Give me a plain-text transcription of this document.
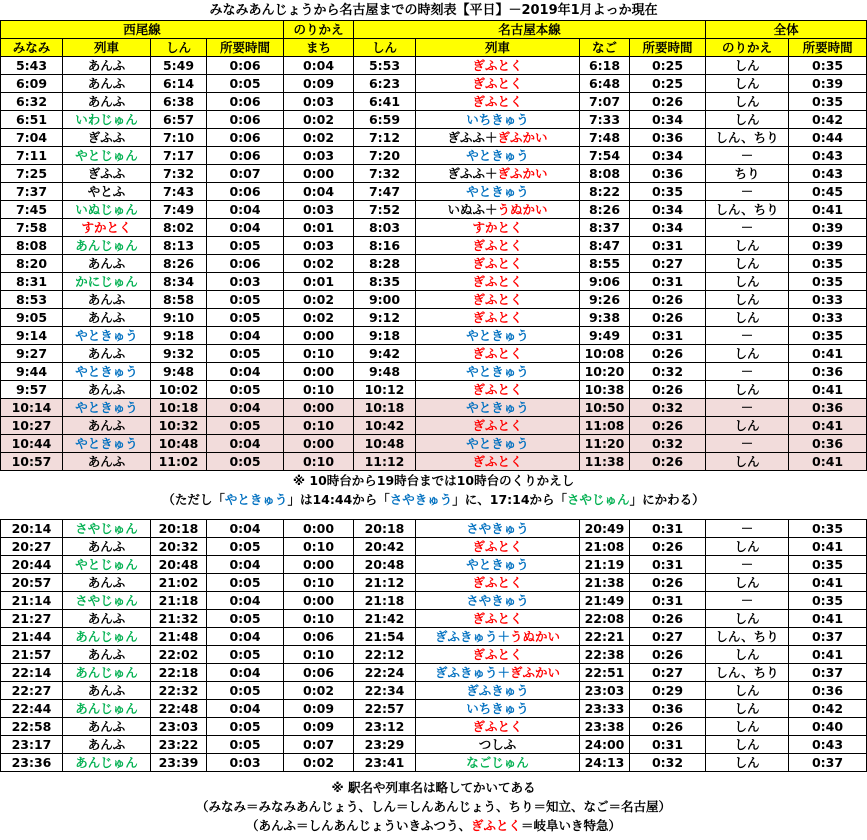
みなみあんじょうから名古屋までの時刻表【平日】－2019年1月よっか現在										
西尾線				のりかえ	名古屋本線				全体	
みなみ	列車	しん	所要時間	まち	しん	列車	なご	所要時間	のりかえ	所要時間
5:43	あんふ	5:49	0:06	0:04	5:53	ぎふとく	6:18	0:25	しん	0:35
6:09	あんふ	6:14	0:05	0:09	6:23	ぎふとく	6:48	0:25	しん	0:39
6:32	あんふ	6:38	0:06	0:03	6:41	ぎふとく	7:07	0:26	しん	0:35
6:51	いわじゅん	6:57	0:06	0:02	6:59	いちきゅう	7:33	0:34	しん	0:42
7:04	ぎふふ	7:10	0:06	0:02	7:12	ぎふふ＋ぎふかい	7:48	0:36	しん、ちり	0:44
7:11	やとじゅん	7:17	0:06	0:03	7:20	やときゅう	7:54	0:34	－	0:43
7:25	ぎふふ	7:32	0:07	0:00	7:32	ぎふふ＋ぎふかい	8:08	0:36	ちり	0:43
7:37	やとふ	7:43	0:06	0:04	7:47	やときゅう	8:22	0:35	－	0:45
7:45	いぬじゅん	7:49	0:04	0:03	7:52	いぬふ＋うぬかい	8:26	0:34	しん、ちり	0:41
7:58	すかとく	8:02	0:04	0:01	8:03	すかとく	8:37	0:34	－	0:39
8:08	あんじゅん	8:13	0:05	0:03	8:16	ぎふとく	8:47	0:31	しん	0:39
8:20	あんふ	8:26	0:06	0:02	8:28	ぎふとく	8:55	0:27	しん	0:35
8:31	かにじゅん	8:34	0:03	0:01	8:35	ぎふとく	9:06	0:31	しん	0:35
8:53	あんふ	8:58	0:05	0:02	9:00	ぎふとく	9:26	0:26	しん	0:33
9:05	あんふ	9:10	0:05	0:02	9:12	ぎふとく	9:38	0:26	しん	0:33
9:14	やときゅう	9:18	0:04	0:00	9:18	やときゅう	9:49	0:31	－	0:35
9:27	あんふ	9:32	0:05	0:10	9:42	ぎふとく	10:08	0:26	しん	0:41
9:44	やときゅう	9:48	0:04	0:00	9:48	やときゅう	10:20	0:32	－	0:36
9:57	あんふ	10:02	0:05	0:10	10:12	ぎふとく	10:38	0:26	しん	0:41
10:14	やときゅう	10:18	0:04	0:00	10:18	やときゅう	10:50	0:32	－	0:36
10:27	あんふ	10:32	0:05	0:10	10:42	ぎふとく	11:08	0:26	しん	0:41
10:44	やときゅう	10:48	0:04	0:00	10:48	やときゅう	11:20	0:32	－	0:36
10:57	あんふ	11:02	0:05	0:10	11:12	ぎふとく	11:38	0:26	しん	0:41
※ 10時台から19時台までは10時台のくりかえし
（ただし「やときゅう」は14:44から「さやきゅう」に、17:14から「さやじゅん」にかわる）
20:14	さやじゅん	20:18	0:04	0:00	20:18	さやきゅう	20:49	0:31	－	0:35
20:27	あんふ	20:32	0:05	0:10	20:42	ぎふとく	21:08	0:26	しん	0:41
20:44	やとじゅん	20:48	0:04	0:00	20:48	やときゅう	21:19	0:31	－	0:35
20:57	あんふ	21:02	0:05	0:10	21:12	ぎふとく	21:38	0:26	しん	0:41
21:14	さやじゅん	21:18	0:04	0:00	21:18	さやきゅう	21:49	0:31	－	0:35
21:27	あんふ	21:32	0:05	0:10	21:42	ぎふとく	22:08	0:26	しん	0:41
21:44	あんじゅん	21:48	0:04	0:06	21:54	ぎふきゅう＋うぬかい	22:21	0:27	しん、ちり	0:37
21:57	あんふ	22:02	0:05	0:10	22:12	ぎふとく	22:38	0:26	しん	0:41
22:14	あんじゅん	22:18	0:04	0:06	22:24	ぎふきゅう＋ぎふかい	22:51	0:27	しん、ちり	0:37
22:27	あんふ	22:32	0:05	0:02	22:34	ぎふきゅう	23:03	0:29	しん	0:36
22:44	あんじゅん	22:48	0:04	0:09	22:57	いちきゅう	23:33	0:36	しん	0:42
22:58	あんふ	23:03	0:05	0:09	23:12	ぎふとく	23:38	0:26	しん	0:40
23:17	あんふ	23:22	0:05	0:07	23:29	つしふ	24:00	0:31	しん	0:43
23:36	あんじゅん	23:39	0:03	0:02	23:41	なごじゅん	24:13	0:32	しん	0:37
※ 駅名や列車名は略してかいてある
（みなみ＝みなみあんじょう、しん＝しんあんじょう、ちり＝知立、なご＝名古屋）
（あんふ＝しんあんじょういきふつう、ぎふとく＝岐阜いき特急）
